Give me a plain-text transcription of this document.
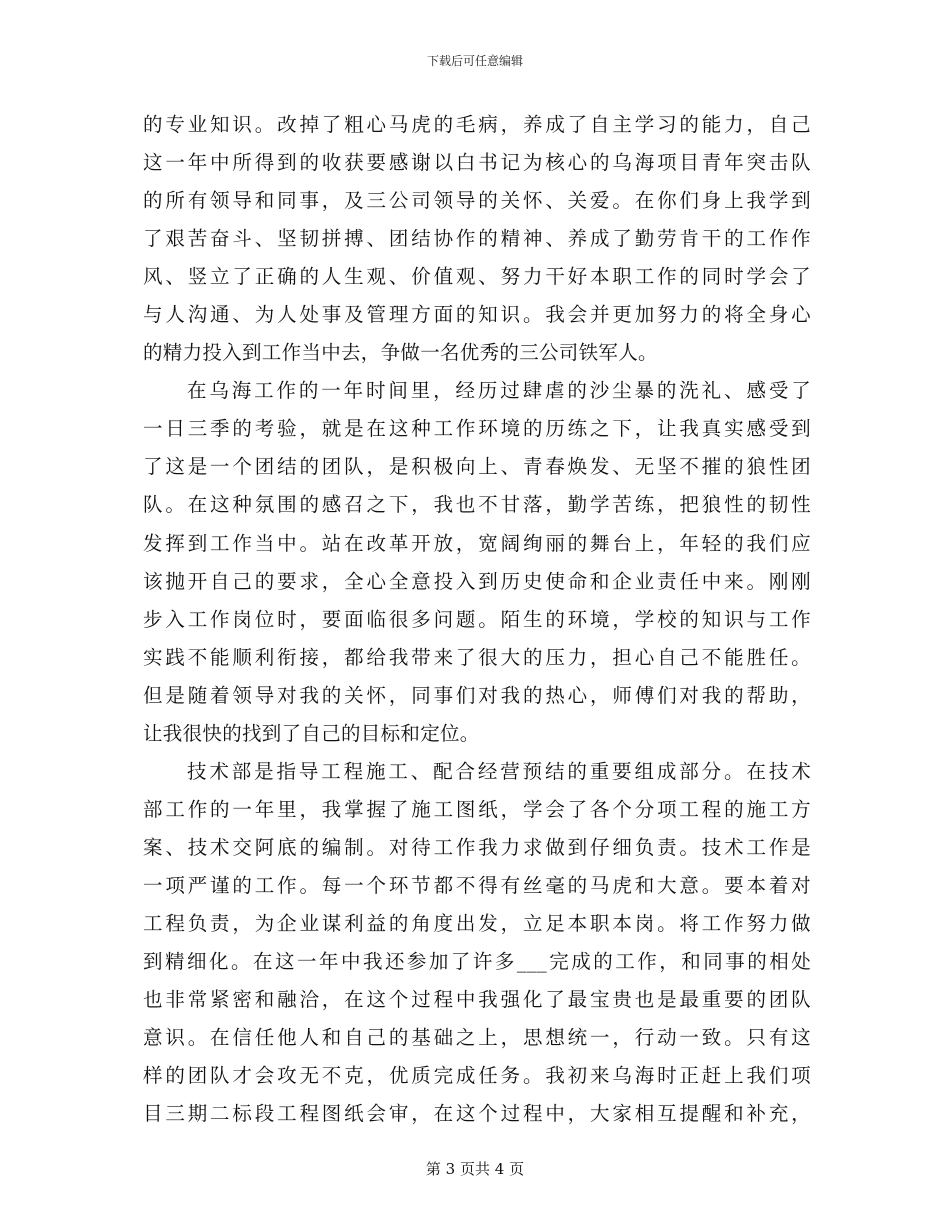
下载后可任意编辑
的专业知识。改掉了粗心马虎的毛病，养成了自主学习的能力，自己
这一年中所得到的收获要感谢以白书记为核心的乌海项目青年突击队
的所有领导和同事，及三公司领导的关怀、关爱。在你们身上我学到
了艰苦奋斗、坚韧拼搏、团结协作的精神、养成了勤劳肯干的工作作
风、竖立了正确的人生观、价值观、努力干好本职工作的同时学会了
与人沟通、为人处事及管理方面的知识。我会并更加努力的将全身心
的精力投入到工作当中去，争做一名优秀的三公司铁军人。
在乌海工作的一年时间里，经历过肆虐的沙尘暴的洗礼、感受了
一日三季的考验，就是在这种工作环境的历练之下，让我真实感受到
了这是一个团结的团队，是积极向上、青春焕发、无坚不摧的狼性团
队。在这种氛围的感召之下，我也不甘落，勤学苦练，把狼性的韧性
发挥到工作当中。站在改革开放，宽阔绚丽的舞台上，年轻的我们应
该抛开自己的要求，全心全意投入到历史使命和企业责任中来。刚刚
步入工作岗位时，要面临很多问题。陌生的环境，学校的知识与工作
实践不能顺利衔接，都给我带来了很大的压力，担心自己不能胜任。
但是随着领导对我的关怀，同事们对我的热心，师傅们对我的帮助，
让我很快的找到了自己的目标和定位。
技术部是指导工程施工、配合经营预结的重要组成部分。在技术
部工作的一年里，我掌握了施工图纸，学会了各个分项工程的施工方
案、技术交阿底的编制。对待工作我力求做到仔细负责。技术工作是
一项严谨的工作。每一个环节都不得有丝毫的马虎和大意。要本着对
工程负责，为企业谋利益的角度出发，立足本职本岗。将工作努力做
到精细化。在这一年中我还参加了许多___完成的工作，和同事的相处
也非常紧密和融洽，在这个过程中我强化了最宝贵也是最重要的团队
意识。在信任他人和自己的基础之上，思想统一，行动一致。只有这
样的团队才会攻无不克，优质完成任务。我初来乌海时正赶上我们项
目三期二标段工程图纸会审，在这个过程中，大家相互提醒和补充，
第 3 页共 4 页
